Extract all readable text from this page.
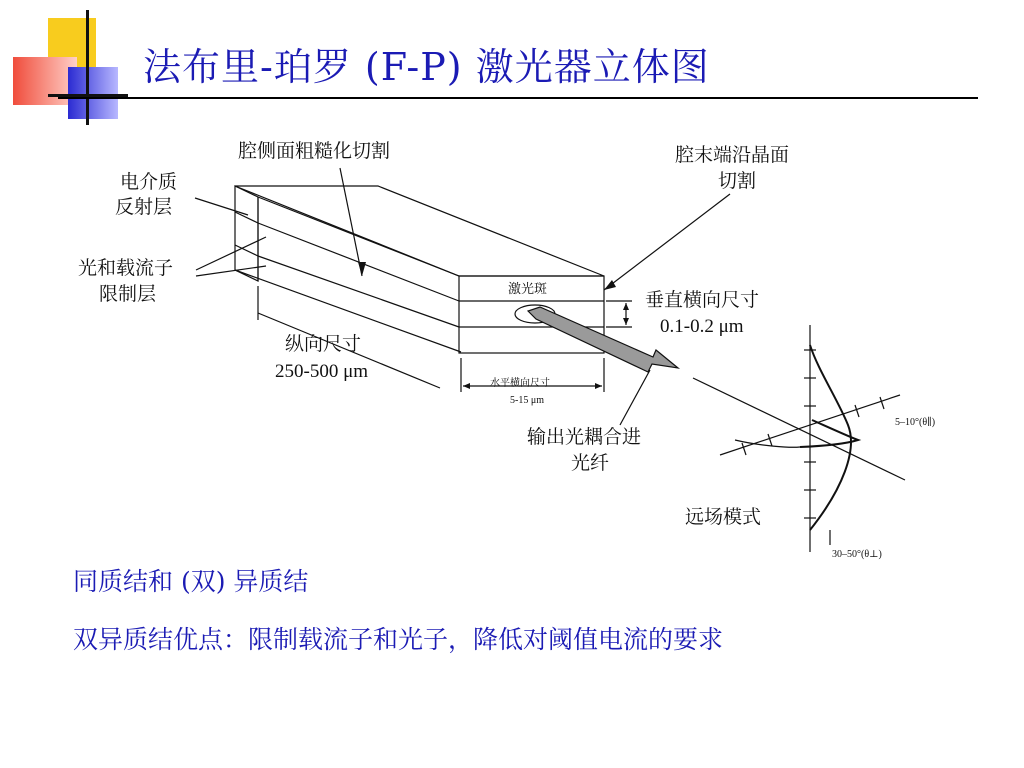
法布里-珀罗 (F-P) 激光器立体图
电介质
反射层
腔侧面粗糙化切割	腔末端沿晶面
切割
光和载流子
限制层	激光斑	垂直横向尺寸
0.1-0.2 μm
纵向尺寸
250-500 μm
水平横向尺寸
5-15 μm
输出光耦合进
光纤
5–10°(θ∥)
30–50°(θ⊥)
远场模式

同质结和 (双) 异质结

双异质结优点：限制载流子和光子，降低对阈值电流的要求
